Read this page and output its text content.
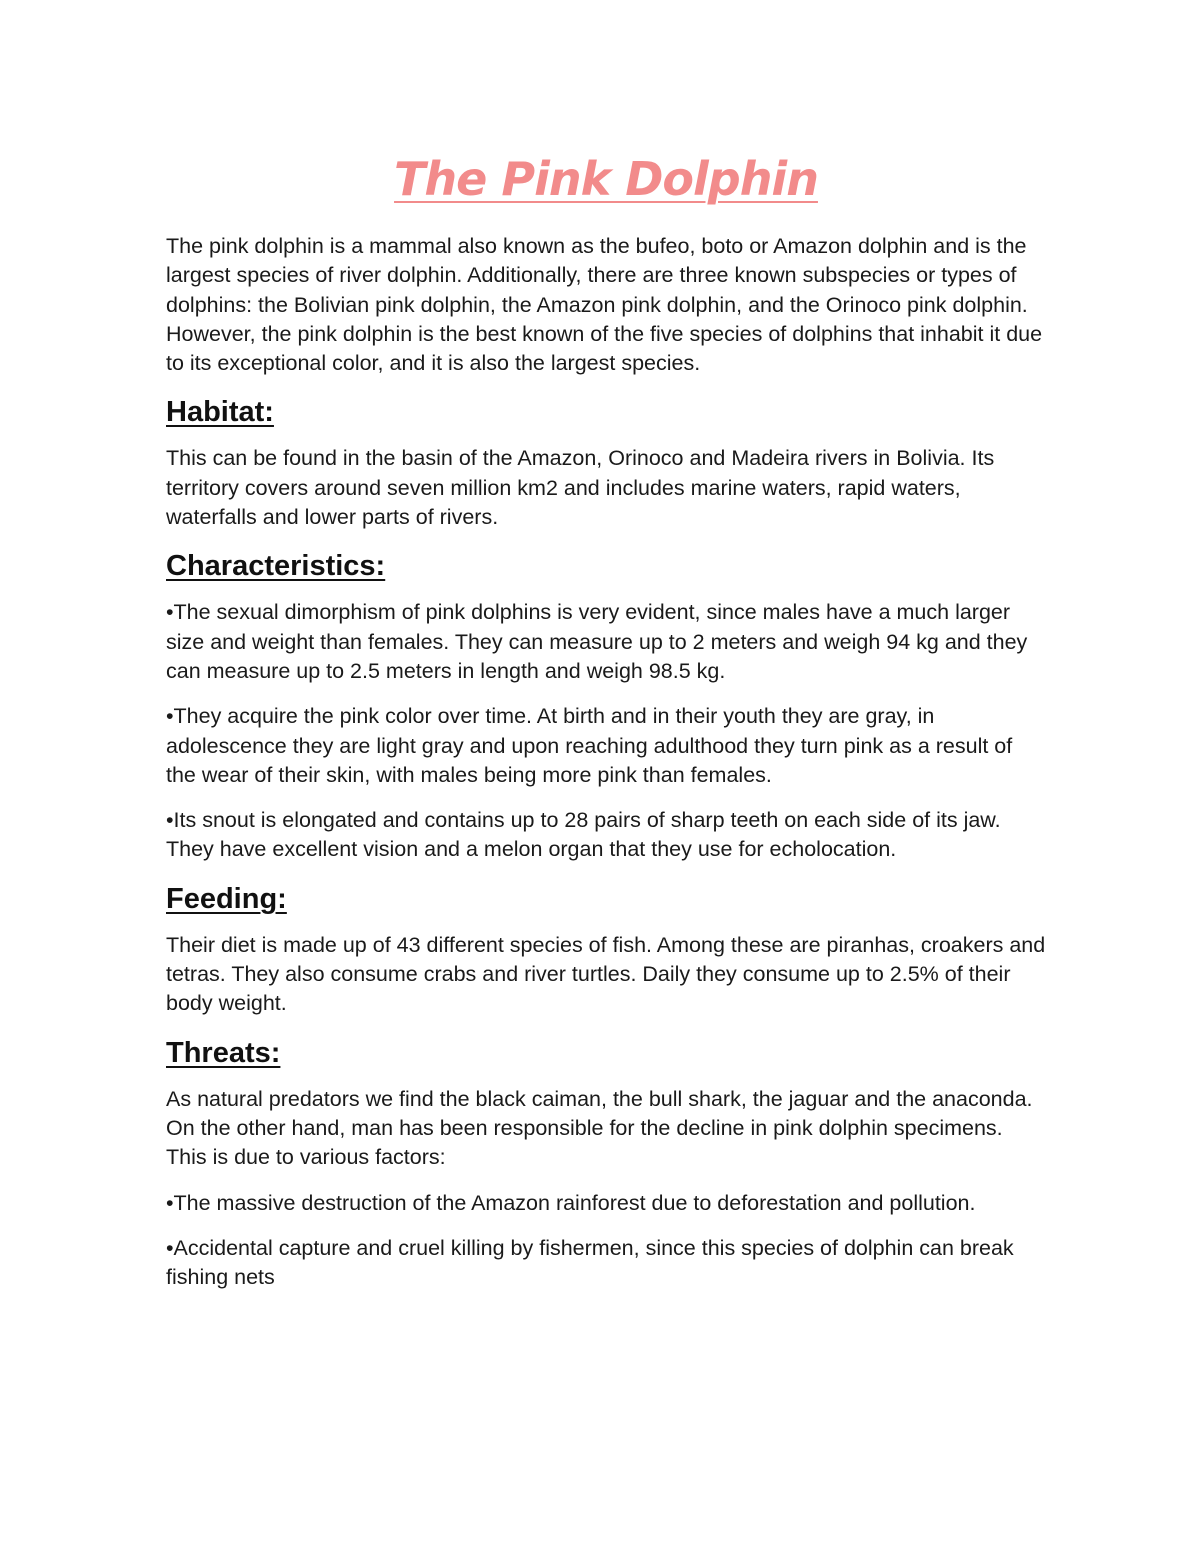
The Pink Dolphin

The pink dolphin is a mammal also known as the bufeo, boto or Amazon dolphin and is the largest species of river dolphin. Additionally, there are three known subspecies or types of dolphins: the Bolivian pink dolphin, the Amazon pink dolphin, and the Orinoco pink dolphin. However, the pink dolphin is the best known of the five species of dolphins that inhabit it due to its exceptional color, and it is also the largest species.

Habitat:

This can be found in the basin of the Amazon, Orinoco and Madeira rivers in Bolivia. Its territory covers around seven million km2 and includes marine waters, rapid waters, waterfalls and lower parts of rivers.

Characteristics:

•The sexual dimorphism of pink dolphins is very evident, since males have a much larger size and weight than females. They can measure up to 2 meters and weigh 94 kg and they can measure up to 2.5 meters in length and weigh 98.5 kg.

•They acquire the pink color over time. At birth and in their youth they are gray, in adolescence they are light gray and upon reaching adulthood they turn pink as a result of the wear of their skin, with males being more pink than females.

•Its snout is elongated and contains up to 28 pairs of sharp teeth on each side of its jaw. They have excellent vision and a melon organ that they use for echolocation.

Feeding:

Their diet is made up of 43 different species of fish. Among these are piranhas, croakers and tetras. They also consume crabs and river turtles. Daily they consume up to 2.5% of their body weight.

Threats:

As natural predators we find the black caiman, the bull shark, the jaguar and the anaconda. On the other hand, man has been responsible for the decline in pink dolphin specimens. This is due to various factors:

•The massive destruction of the Amazon rainforest due to deforestation and pollution.

•Accidental capture and cruel killing by fishermen, since this species of dolphin can break fishing nets
